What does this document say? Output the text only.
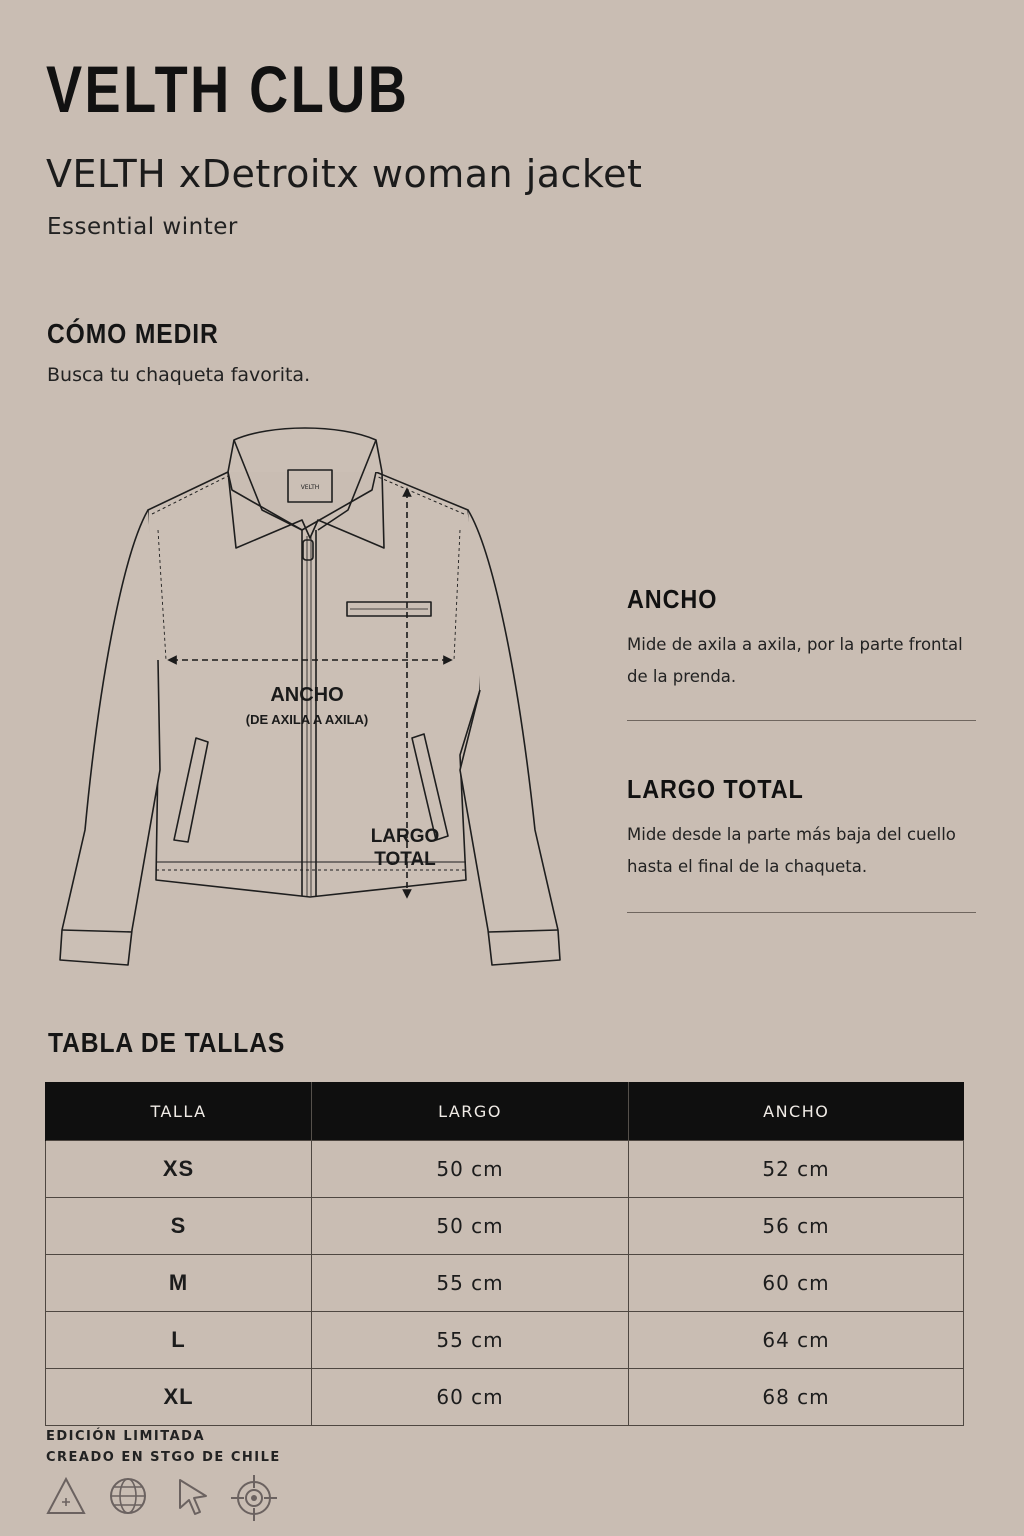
VELTH CLUB
VELTH xDetroitx woman jacket

Essential winter

CÓMO MEDIR

Busca tu chaqueta favorita.

VELTH
ANCHO
(DE AXILA A AXILA)
LARGO
TOTAL
ANCHO

Mide de axila a axila, por la parte frontal de la prenda.

LARGO TOTAL

Mide desde la parte más baja del cuello hasta el final de la chaqueta.

TABLA DE TALLAS
TALLA	LARGO	ANCHO
XS	50 cm	52 cm
S	50 cm	56 cm
M	55 cm	60 cm
L	55 cm	64 cm
XL	60 cm	68 cm

EDICIÓN LIMITADA

CREADO EN STGO DE CHILE
